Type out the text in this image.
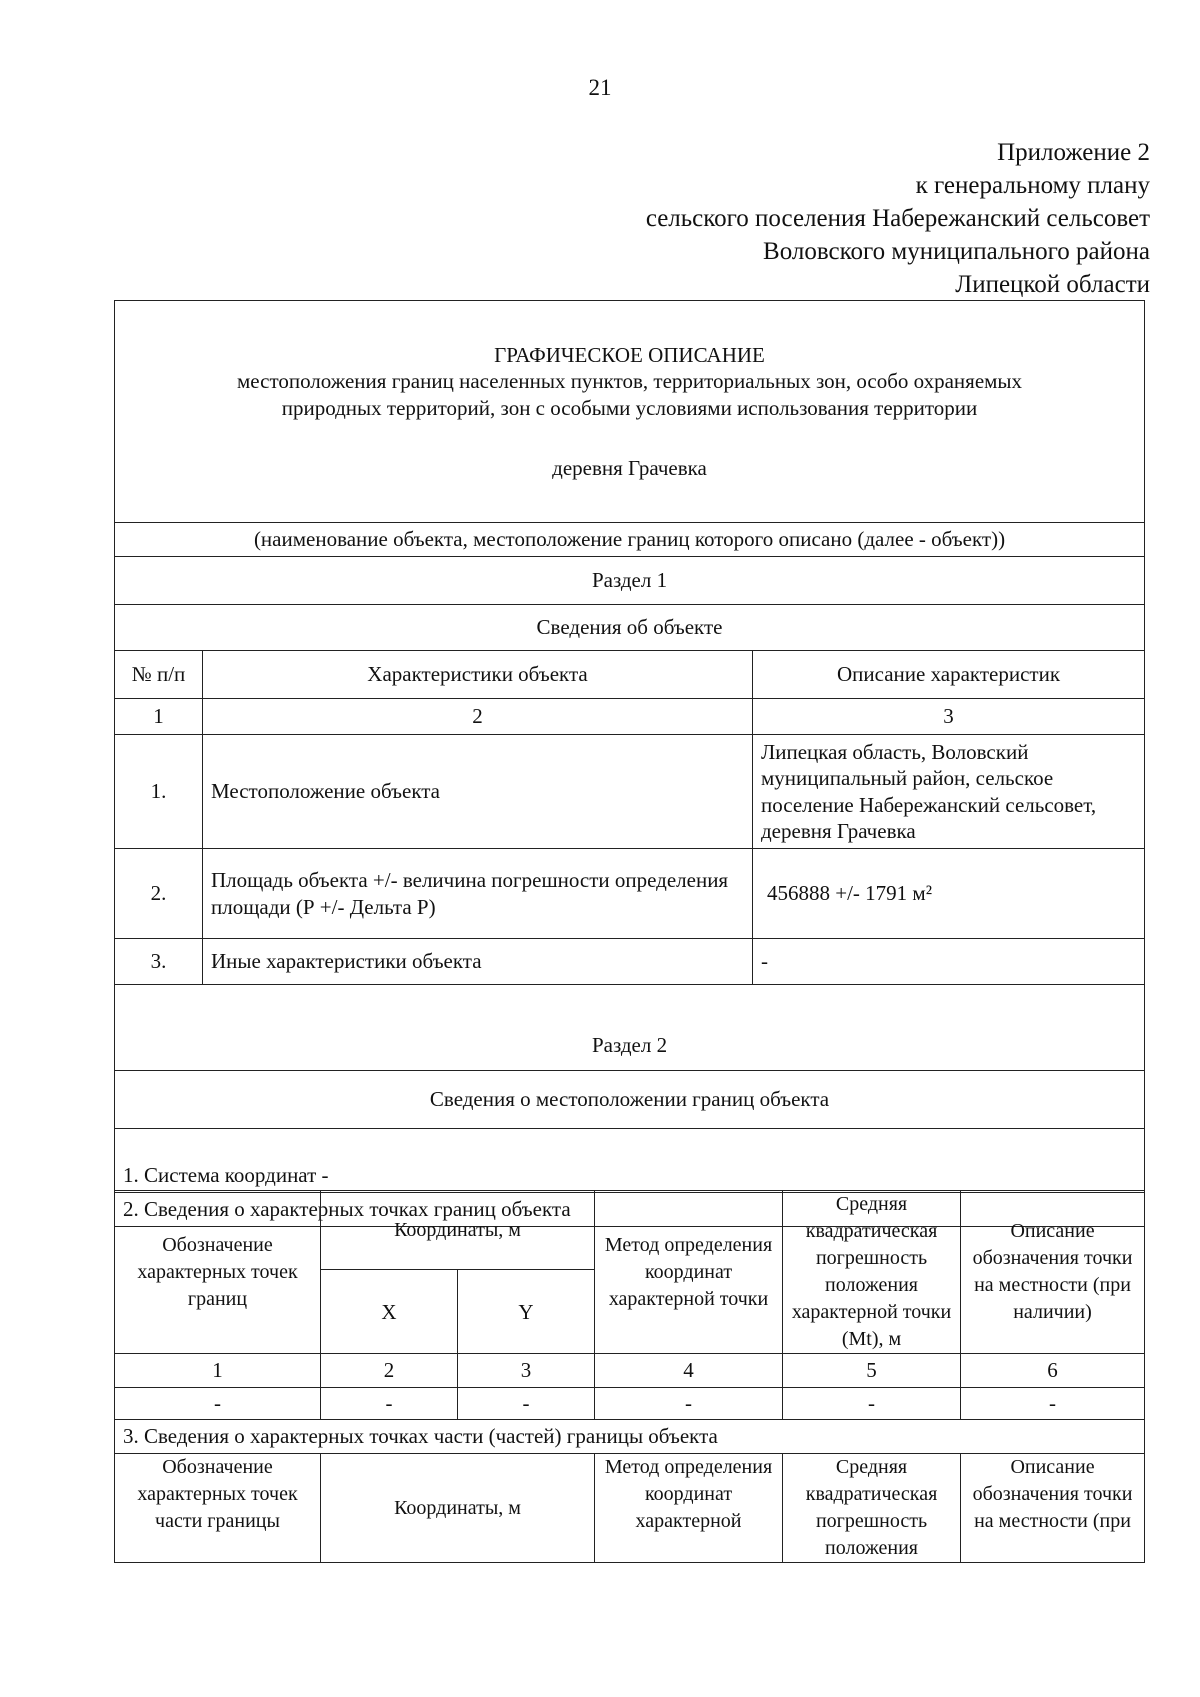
21
Приложение 2
к генеральному плану
сельского поселения Набережанский сельсовет
Воловского муниципального района
Липецкой области
ГРАФИЧЕСКОЕ ОПИСАНИЕ
местоположения границ населенных пунктов, территориальных зон, особо охраняемых
природных территорий, зон с особыми условиями использования территории
деревня Грачевка		

(наименование объекта, местоположение границ которого описано (далее - объект))		
Раздел 1		
Сведения об объекте		
№ п/п	Характеристики объекта	Описание характеристик
1	2	3
1.	Местоположение объекта	Липецкая область, Воловский муниципальный район, сельское поселение Набережанский сельсовет, деревня Грачевка
2.	Площадь объекта +/- величина погрешности определения площади (Р +/- Дельта Р)	456888 +/- 1791 м²
3.	Иные характеристики объекта	-
Раздел 2		
Сведения о местоположении границ объекта		
1. Система координат -		
2. Сведения о характерных точках границ объекта		
Обозначение характерных точек границ	Координаты, м		Метод определения координат характерной точки	Средняя квадратическая погрешность положения характерной точки (Mt), м	Описание обозначения точки на местности (при наличии)
	X	Y			
1	2	3	4	5	6
-	-	-	-	-	-
3. Сведения о характерных точках части (частей) границы объекта					
Обозначение характерных точек части границы	Координаты, м		Метод определения координат характерной	Средняя квадратическая погрешность положения	Описание обозначения точки на местности (при
